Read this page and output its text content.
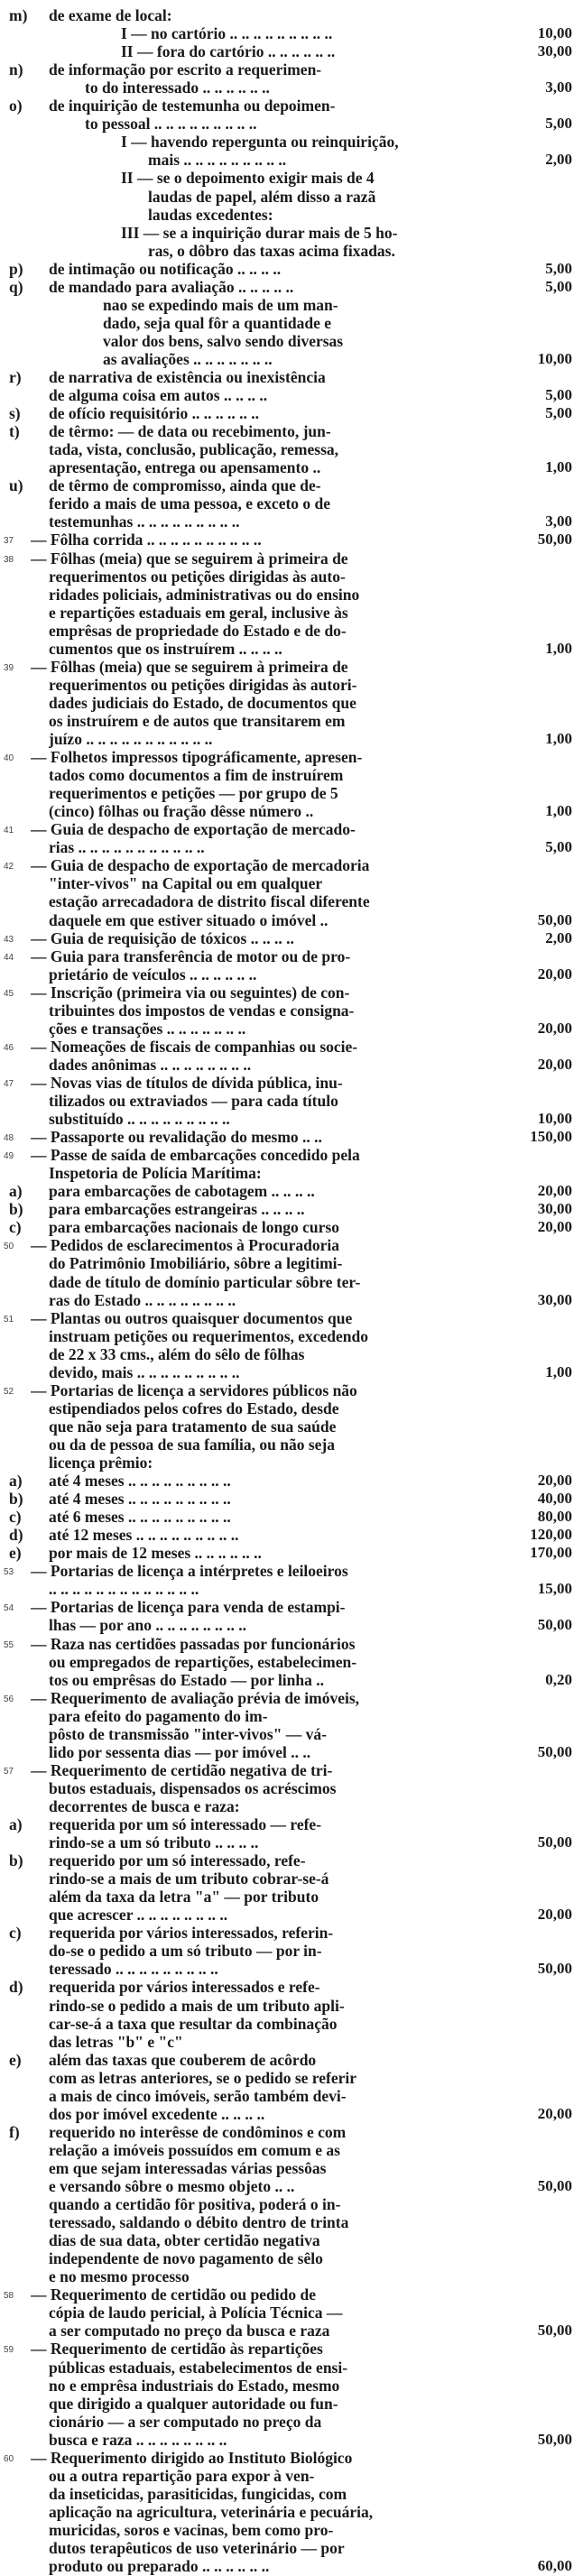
m) de exame de local:
I — no cartório .. .. .. .. .. .. .. .. ..	10,00
II — fora do cartório .. .. .. .. .. ..	30,00
n) de informação por escrito a requerimen-
to do interessado .. .. .. .. .. ..	3,00
o) de inquirição de testemunha ou depoimen-
to pessoal .. .. .. .. .. .. .. .. ..	5,00
I — havendo repergunta ou reinquirição,
mais .. .. .. .. .. .. .. .. ..	2,00
II — se o depoimento exigir mais de 4
laudas de papel, além disso a razã
laudas excedentes:
III — se a inquirição durar mais de 5 ho-
ras, o dôbro das taxas acima fixadas.
p) de intimação ou notificação .. .. .. ..	5,00
q) de mandado para avaliação .. .. .. .. ..	5,00
nao se expedindo mais de um man-
dado, seja qual fôr a quantidade e
valor dos bens, salvo sendo diversas
as avaliações .. .. .. .. .. .. ..	10,00
r) de narrativa de existência ou inexistência
de alguma coisa em autos .. .. .. ..	5,00
s) de ofício requisitório .. .. .. .. .. ..	5,00
t) de têrmo: — de data ou recebimento, jun-
tada, vista, conclusão, publicação, remessa,
apresentação, entrega ou apensamento ..	1,00
u) de têrmo de compromisso, ainda que de-
ferido a mais de uma pessoa, e exceto o de
testemunhas .. .. .. .. .. .. .. .. ..	3,00
37 — Fôlha corrida .. .. .. .. .. .. .. .. .. ..	50,00
38 — Fôlhas (meia) que se seguirem à primeira de
requerimentos ou petições dirigidas às auto-
ridades policiais, administrativas ou do ensino
e repartições estaduais em geral, inclusive às
emprêsas de propriedade do Estado e de do-
cumentos que os instruírem .. .. .. ..	1,00
39 — Fôlhas (meia) que se seguirem à primeira de
requerimentos ou petições dirigidas às autori-
dades judiciais do Estado, de documentos que
os instruírem e de autos que transitarem em
juízo .. .. .. .. .. .. .. .. .. .. ..	1,00
40 — Folhetos impressos tipográficamente, apresen-
tados como documentos a fim de instruírem
requerimentos e petições — por grupo de 5
(cinco) fôlhas ou fração dêsse número ..	1,00
41 — Guia de despacho de exportação de mercado-
rias .. .. .. .. .. .. .. .. .. .. ..	5,00
42 — Guia de despacho de exportação de mercadoria
"inter-vivos" na Capital ou em qualquer
estação arrecadadora de distrito fiscal diferente
daquele em que estiver situado o imóvel ..	50,00
43 — Guia de requisição de tóxicos .. .. .. ..	2,00
44 — Guia para transferência de motor ou de pro-
prietário de veículos .. .. .. .. .. ..	20,00
45 — Inscrição (primeira via ou seguintes) de con-
tribuintes dos impostos de vendas e consigna-
ções e transações .. .. .. .. .. .. ..	20,00
46 — Nomeações de fiscais de companhias ou socie-
dades anônimas .. .. .. .. .. .. .. ..	20,00
47 — Novas vias de títulos de dívida pública, inu-
tilizados ou extraviados — para cada título
substituído .. .. .. .. .. .. .. .. ..	10,00
48 — Passaporte ou revalidação do mesmo .. ..	150,00
49 — Passe de saída de embarcações concedido pela
Inspetoria de Polícia Marítima:
a) para embarcações de cabotagem .. .. .. ..	20,00
b) para embarcações estrangeiras .. .. .. ..	30,00
c) para embarcações nacionais de longo curso	20,00
50 — Pedidos de esclarecimentos à Procuradoria
do Patrimônio Imobiliário, sôbre a legitimi-
dade de título de domínio particular sôbre ter-
ras do Estado .. .. .. .. .. .. .. ..	30,00
51 — Plantas ou outros quaisquer documentos que
instruam petições ou requerimentos, excedendo
de 22 x 33 cms., além do sêlo de fôlhas
devido, mais .. .. .. .. .. .. .. .. ..	1,00
52 — Portarias de licença a servidores públicos não
estipendiados pelos cofres do Estado, desde
que não seja para tratamento de sua saúde
ou da de pessoa de sua família, ou não seja
licença prêmio:
a) até 4 meses .. .. .. .. .. .. .. .. ..	20,00
b) até 4 meses .. .. .. .. .. .. .. .. ..	40,00
c) até 6 meses .. .. .. .. .. .. .. .. ..	80,00
d) até 12 meses .. .. .. .. .. .. .. .. ..	120,00
e) por mais de 12 meses .. .. .. .. .. ..	170,00
53 — Portarias de licença a intérpretes e leiloeiros
.. .. .. .. .. .. .. .. .. .. .. .. ..	15,00
54 — Portarias de licença para venda de estampi-
lhas — por ano .. .. .. .. .. .. .. ..	50,00
55 — Raza nas certidões passadas por funcionários
ou empregados de repartições, estabelecimen-
tos ou emprêsas do Estado — por linha ..	0,20
56 — Requerimento de avaliação prévia de imóveis,
para efeito do pagamento do im-
pôsto de transmissão "inter-vivos" — vá-
lido por sessenta dias — por imóvel .. ..	50,00
57 — Requerimento de certidão negativa de tri-
butos estaduais, dispensados os acréscimos
decorrentes de busca e raza:
a) requerida por um só interessado — refe-
rindo-se a um só tributo .. .. .. ..	50,00
b) requerido por um só interessado, refe-
rindo-se a mais de um tributo cobrar-se-á
além da taxa da letra "a" — por tributo
que acrescer .. .. .. .. .. .. .. ..	20,00
c) requerida por vários interessados, referin-
do-se o pedido a um só tributo — por in-
teressado .. .. .. .. .. .. .. .. ..	50,00
d) requerida por vários interessados e refe-
rindo-se o pedido a mais de um tributo apli-
car-se-á a taxa que resultar da combinação
das letras "b" e "c"
e) além das taxas que couberem de acôrdo
com as letras anteriores, se o pedido se referir
a mais de cinco imóveis, serão também devi-
dos por imóvel excedente .. .. .. ..	20,00
f) requerido no interêsse de condôminos e com
relação a imóveis possuídos em comum e as
em que sejam interessadas várias pessôas
e versando sôbre o mesmo objeto .. ..	50,00
quando a certidão fôr positiva, poderá o in-
teressado, saldando o débito dentro de trinta
dias de sua data, obter certidão negativa
independente de novo pagamento de sêlo
e no mesmo processo
58 — Requerimento de certidão ou pedido de
cópia de laudo pericial, à Polícia Técnica —
a ser computado no preço da busca e raza	50,00
59 — Requerimento de certidão às repartições
públicas estaduais, estabelecimentos de ensi-
no e emprêsa industriais do Estado, mesmo
que dirigido a qualquer autoridade ou fun-
cionário — a ser computado no preço da
busca e raza .. .. .. .. .. .. .. ..	50,00
60 — Requerimento dirigido ao Instituto Biológico
ou a outra repartição para expor à ven-
da inseticidas, parasiticidas, fungicidas, com
aplicação na agricultura, veterinária e pecuária,
muricidas, soros e vacinas, bem como pro-
dutos terapêuticos de uso veterinário — por
produto ou preparado .. .. .. .. .. ..	60,00
